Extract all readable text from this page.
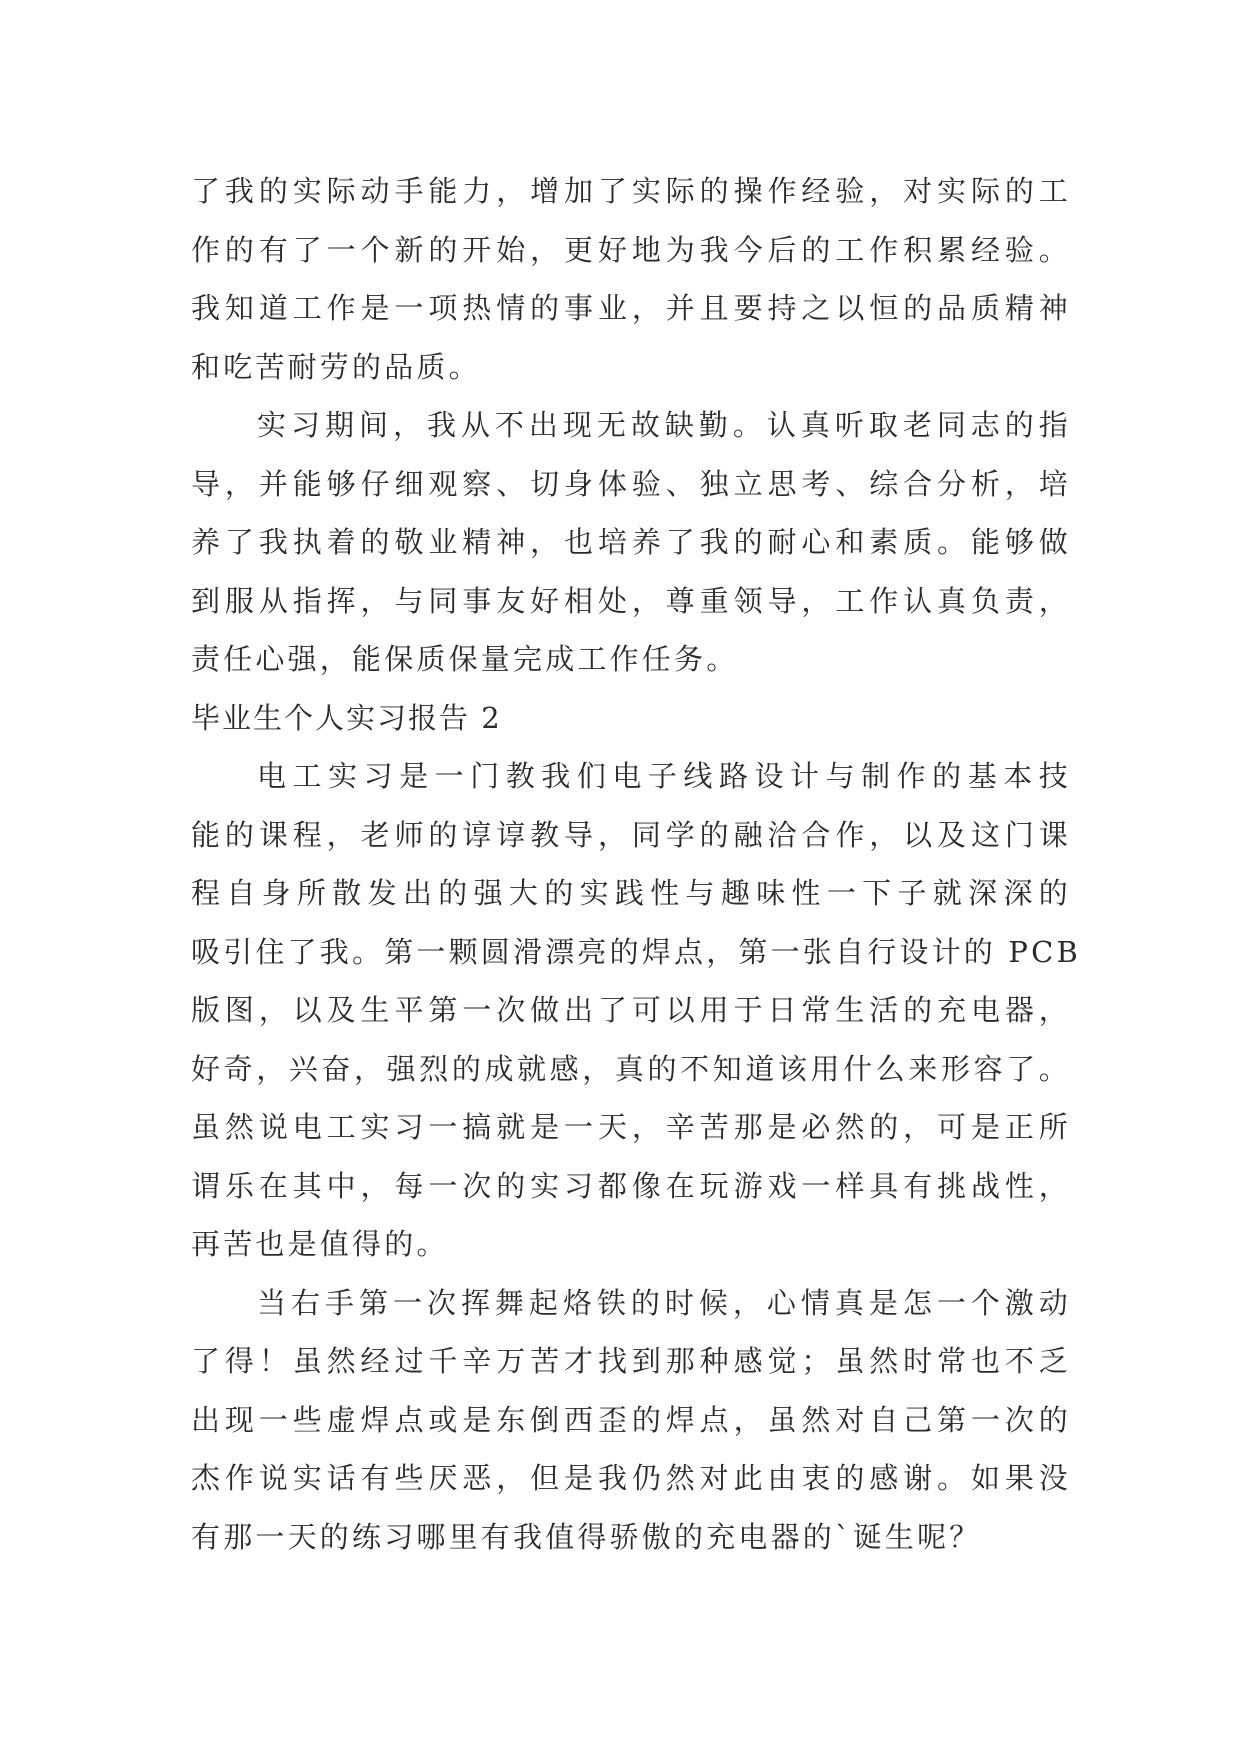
了我的实际动手能力，增加了实际的操作经验，对实际的工
作的有了一个新的开始，更好地为我今后的工作积累经验。
我知道工作是一项热情的事业，并且要持之以恒的品质精神
和吃苦耐劳的品质。
实习期间，我从不出现无故缺勤。认真听取老同志的指
导，并能够仔细观察、切身体验、独立思考、综合分析，培
养了我执着的敬业精神，也培养了我的耐心和素质。能够做
到服从指挥，与同事友好相处，尊重领导，工作认真负责，
责任心强，能保质保量完成工作任务。
毕业生个人实习报告 2
电工实习是一门教我们电子线路设计与制作的基本技
能的课程，老师的谆谆教导，同学的融洽合作，以及这门课
程自身所散发出的强大的实践性与趣味性一下子就深深的
吸引住了我。第一颗圆滑漂亮的焊点，第一张自行设计的 PCB
版图，以及生平第一次做出了可以用于日常生活的充电器，
好奇，兴奋，强烈的成就感，真的不知道该用什么来形容了。
虽然说电工实习一搞就是一天，辛苦那是必然的，可是正所
谓乐在其中，每一次的实习都像在玩游戏一样具有挑战性，
再苦也是值得的。
当右手第一次挥舞起烙铁的时候，心情真是怎一个激动
了得！虽然经过千辛万苦才找到那种感觉；虽然时常也不乏
出现一些虚焊点或是东倒西歪的焊点，虽然对自己第一次的
杰作说实话有些厌恶，但是我仍然对此由衷的感谢。如果没
有那一天的练习哪里有我值得骄傲的充电器的`诞生呢？
